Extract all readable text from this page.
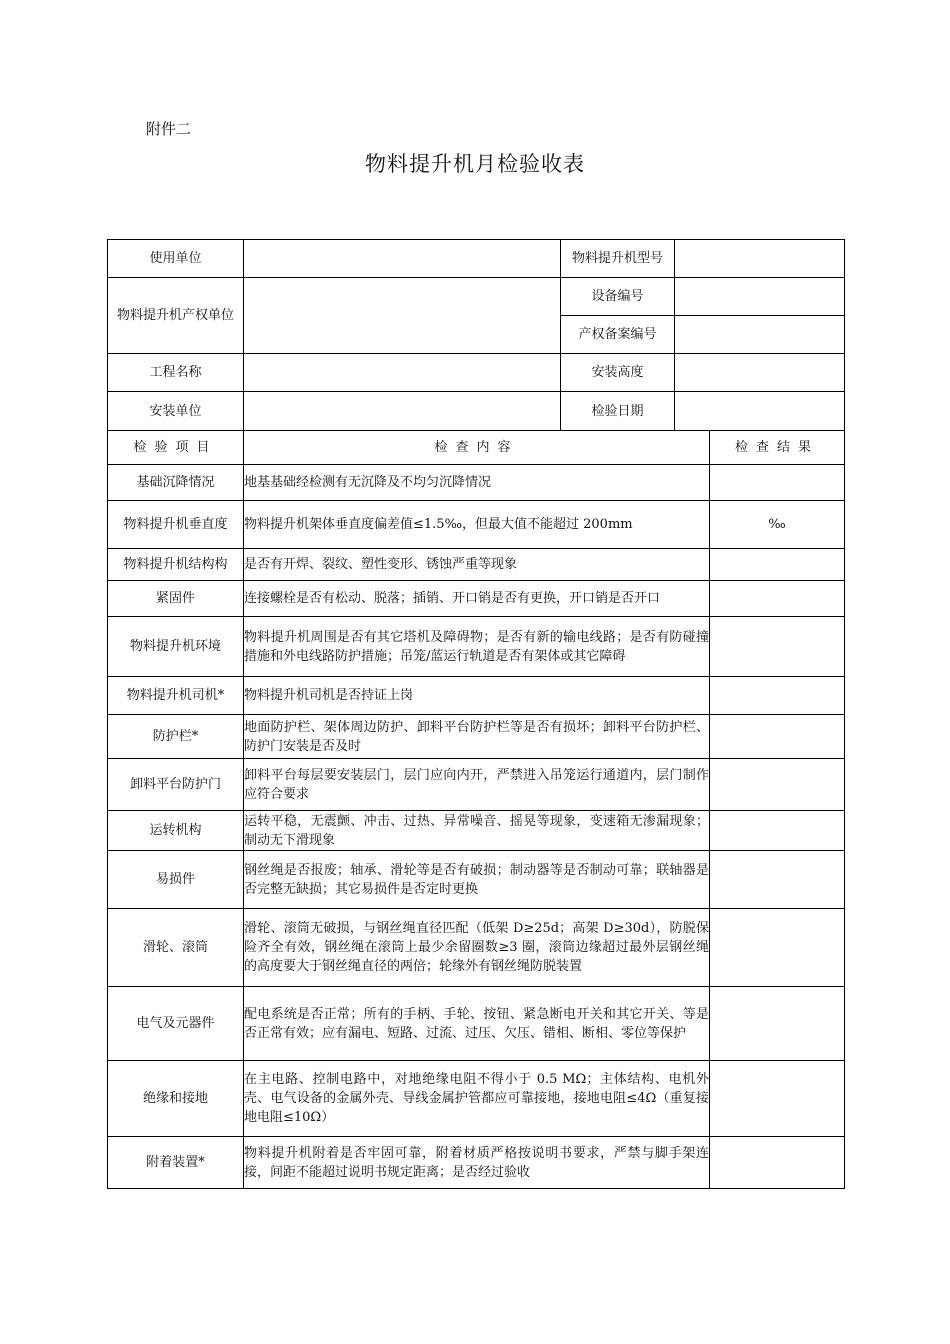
附件二
物料提升机月检验收表
使用单位		物料提升机型号		
物料提升机产权单位		设备编号		
		产权备案编号		
工程名称		安装高度		
安装单位		检验日期		
检验项目	检查内容			检查结果
基础沉降情况	地基基础经检测有无沉降及不均匀沉降情况			
物料提升机垂直度	物料提升机架体垂直度偏差值≤1.5‰，但最大值不能超过 200mm			‰
物料提升机结构构	是否有开焊、裂纹、塑性变形、锈蚀严重等现象			
紧固件	连接螺栓是否有松动、脱落；插销、开口销是否有更换，开口销是否开口			
物料提升机环境	物料提升机周围是否有其它塔机及障碍物；是否有新的输电线路；是否有防碰撞措施和外电线路防护措施；吊笼/蓝运行轨道是否有架体或其它障碍			
物料提升机司机*	物料提升机司机是否持证上岗			
防护栏*	地面防护栏、架体周边防护、卸料平台防护栏等是否有损坏；卸料平台防护栏、防护门安装是否及时			
卸料平台防护门	卸料平台每层要安装层门，层门应向内开，严禁进入吊笼运行通道内，层门制作应符合要求			
运转机构	运转平稳，无震颤、冲击、过热、异常噪音、摇晃等现象，变速箱无渗漏现象；制动无下滑现象			
易损件	钢丝绳是否报废；轴承、滑轮等是否有破损；制动器等是否制动可靠；联轴器是否完整无缺损；其它易损件是否定时更换			
滑轮、滚筒	滑轮、滚筒无破损，与钢丝绳直径匹配（低架 D≥25d；高架 D≥30d），防脱保险齐全有效，钢丝绳在滚筒上最少余留圈数≥3 圈，滚筒边缘超过最外层钢丝绳的高度要大于钢丝绳直径的两倍；轮缘外有钢丝绳防脱装置			
电气及元器件	配电系统是否正常；所有的手柄、手轮、按钮、紧急断电开关和其它开关、等是否正常有效；应有漏电、短路、过流、过压、欠压、错相、断相、零位等保护			
绝缘和接地	在主电路、控制电路中，对地绝缘电阻不得小于 0.5 MΩ；主体结构、电机外壳、电气设备的金属外壳、导线金属护管都应可靠接地，接地电阻≤4Ω（重复接地电阻≤10Ω）			
附着装置*	物料提升机附着是否牢固可靠，附着材质严格按说明书要求，严禁与脚手架连接，间距不能超过说明书规定距离；是否经过验收			
